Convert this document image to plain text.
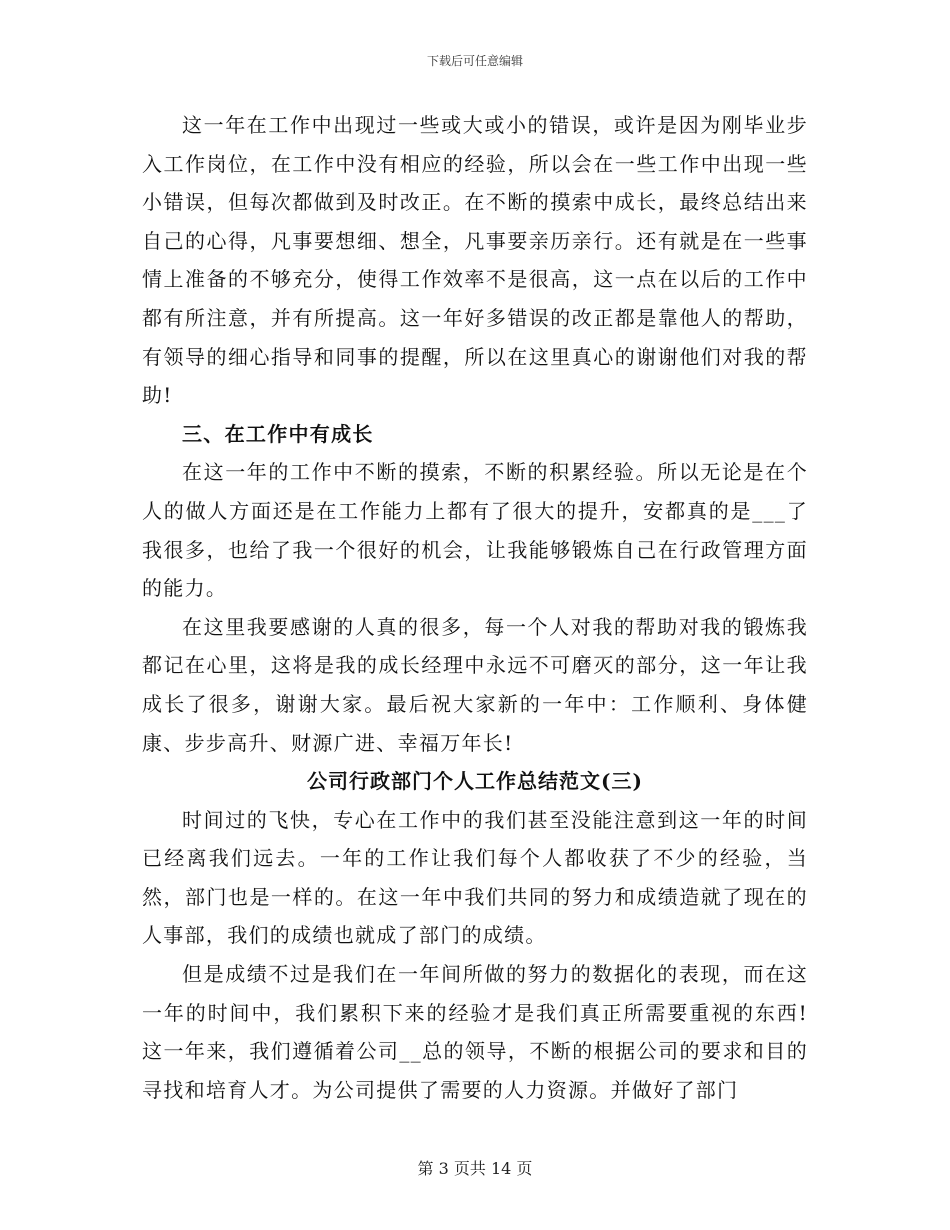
下载后可任意编辑

这一年在工作中出现过一些或大或小的错误，或许是因为刚毕业步入工作岗位，在工作中没有相应的经验，所以会在一些工作中出现一些小错误，但每次都做到及时改正。在不断的摸索中成长，最终总结出来自己的心得，凡事要想细、想全，凡事要亲历亲行。还有就是在一些事情上准备的不够充分，使得工作效率不是很高，这一点在以后的工作中都有所注意，并有所提高。这一年好多错误的改正都是靠他人的帮助，有领导的细心指导和同事的提醒，所以在这里真心的谢谢他们对我的帮助!

三、在工作中有成长

在这一年的工作中不断的摸索，不断的积累经验。所以无论是在个人的做人方面还是在工作能力上都有了很大的提升，安都真的是___了我很多，也给了我一个很好的机会，让我能够锻炼自己在行政管理方面的能力。

在这里我要感谢的人真的很多，每一个人对我的帮助对我的锻炼我都记在心里，这将是我的成长经理中永远不可磨灭的部分，这一年让我成长了很多，谢谢大家。最后祝大家新的一年中：工作顺利、身体健康、步步高升、财源广进、幸福万年长!

公司行政部门个人工作总结范文(三)

时间过的飞快，专心在工作中的我们甚至没能注意到这一年的时间已经离我们远去。一年的工作让我们每个人都收获了不少的经验，当然，部门也是一样的。在这一年中我们共同的努力和成绩造就了现在的人事部，我们的成绩也就成了部门的成绩。

但是成绩不过是我们在一年间所做的努力的数据化的表现，而在这一年的时间中，我们累积下来的经验才是我们真正所需要重视的东西!这一年来，我们遵循着公司__总的领导，不断的根据公司的要求和目的寻找和培育人才。为公司提供了需要的人力资源。并做好了部门

第 3 页共 14 页
